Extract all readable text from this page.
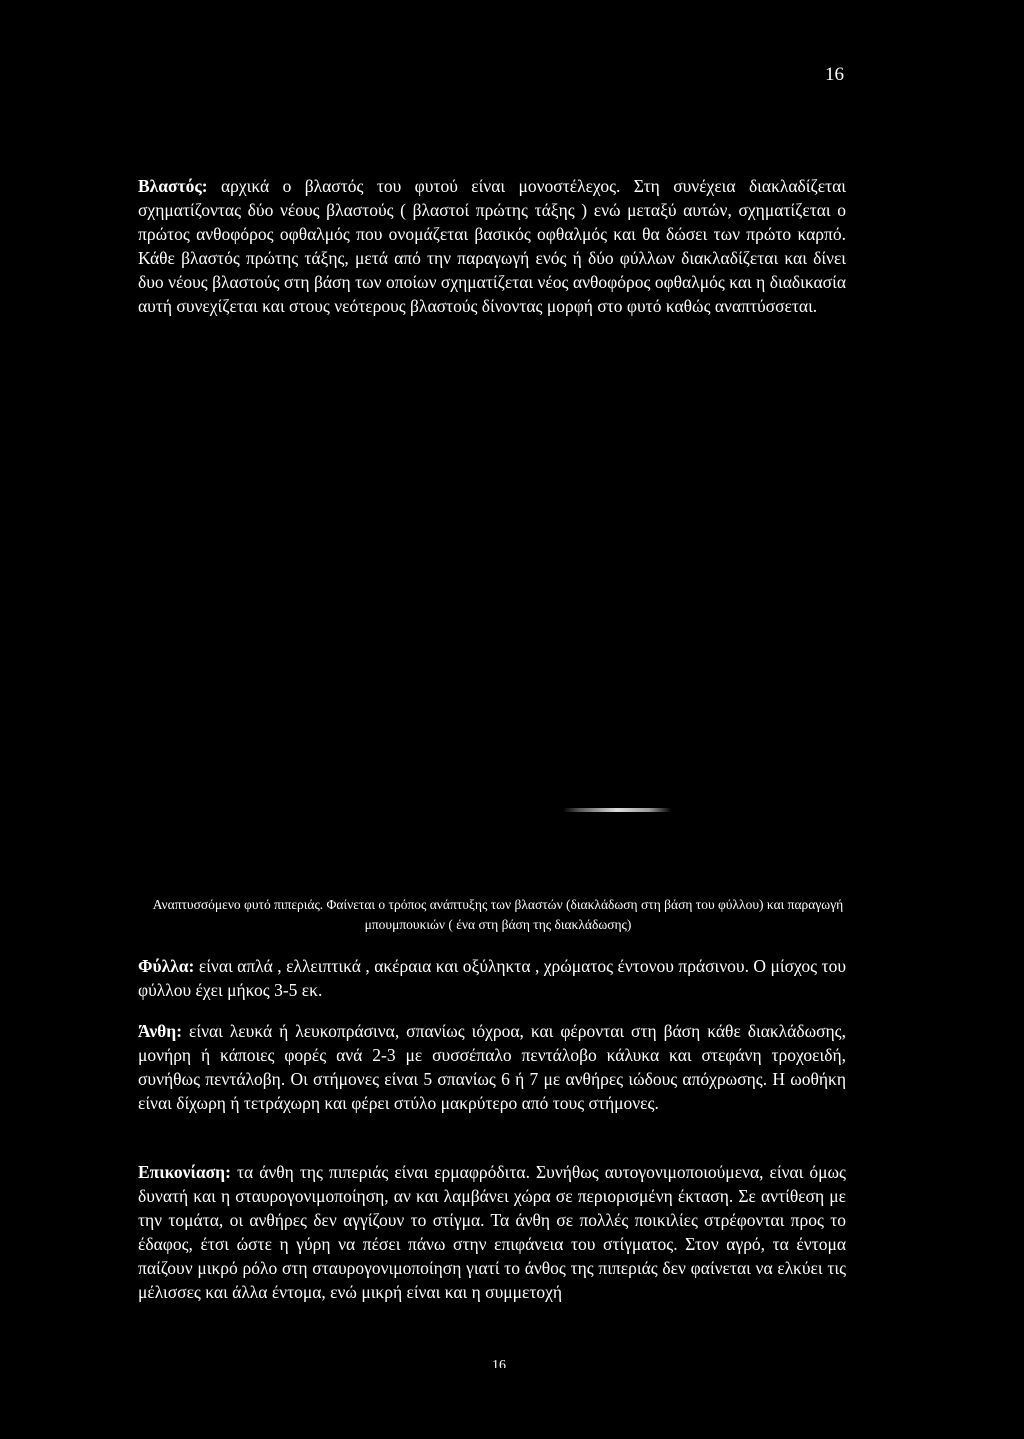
16

Βλαστός: αρχικά ο βλαστός του φυτού είναι μονοστέλεχος. Στη συνέχεια διακλαδίζεται σχηματίζοντας δύο νέους βλαστούς ( βλαστοί πρώτης τάξης ) ενώ μεταξύ αυτών, σχηματίζεται ο πρώτος ανθοφόρος οφθαλμός που ονομάζεται βασικός οφθαλμός και θα δώσει των πρώτο καρπό. Κάθε βλαστός πρώτης τάξης, μετά από την παραγωγή ενός ή δύο φύλλων διακλαδίζεται και δίνει δυο νέους βλαστούς στη βάση των οποίων σχηματίζεται νέος ανθοφόρος οφθαλμός και η διαδικασία αυτή συνεχίζεται και στους νεότερους βλαστούς δίνοντας μορφή στο φυτό καθώς αναπτύσσεται.

Αναπτυσσόμενο φυτό πιπεριάς. Φαίνεται ο τρόπος ανάπτυξης των βλαστών (διακλάδωση στη βάση του φύλλου) και παραγωγή μπουμπουκιών ( ένα στη βάση της διακλάδωσης)

Φύλλα: είναι απλά , ελλειπτικά , ακέραια και οξύληκτα , χρώματος έντονου πράσινου. Ο μίσχος του φύλλου έχει μήκος 3-5 εκ.

Άνθη: είναι λευκά ή λευκοπράσινα, σπανίως ιόχροα, και φέρονται στη βάση κάθε διακλάδωσης, μονήρη ή κάποιες φορές ανά 2-3 με συσσέπαλο πεντάλοβο κάλυκα και στεφάνη τροχοειδή, συνήθως πεντάλοβη. Οι στήμονες είναι 5 σπανίως 6 ή 7 με ανθήρες ιώδους απόχρωσης. Η ωοθήκη είναι δίχωρη ή τετράχωρη και φέρει στύλο μακρύτερο από τους στήμονες.

Επικονίαση: τα άνθη της πιπεριάς είναι ερμαφρόδιτα. Συνήθως αυτογονιμοποιούμενα, είναι όμως δυνατή και η σταυρογονιμοποίηση, αν και λαμβάνει χώρα σε περιορισμένη έκταση. Σε αντίθεση με την τομάτα, οι ανθήρες δεν αγγίζουν το στίγμα. Τα άνθη σε πολλές ποικιλίες στρέφονται προς το έδαφος, έτσι ώστε η γύρη να πέσει πάνω στην επιφάνεια του στίγματος. Στον αγρό, τα έντομα παίζουν μικρό ρόλο στη σταυρογονιμοποίηση γιατί το άνθος της πιπεριάς δεν φαίνεται να ελκύει τις μέλισσες και άλλα έντομα, ενώ μικρή είναι και η συμμετοχή

16
